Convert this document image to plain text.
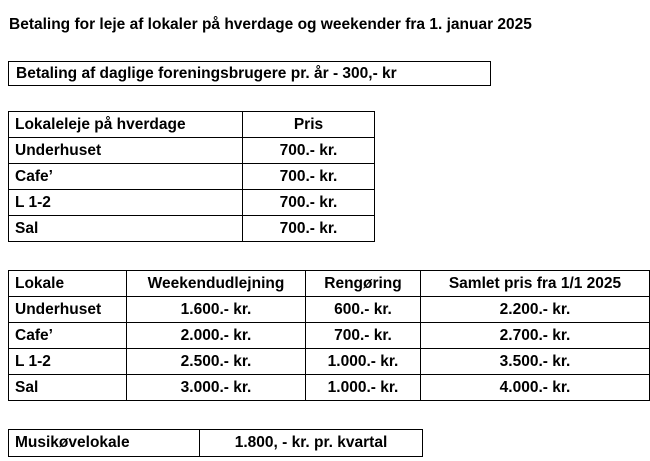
Betaling for leje af lokaler på hverdage og weekender fra 1. januar 2025
Betaling af daglige foreningsbrugere pr. år - 300,- kr
Lokaleleje på hverdage	Pris
Underhuset	700.- kr.
Cafe’	700.- kr.
L 1-2	700.- kr.
Sal	700.- kr.
Lokale	Weekendudlejning	Rengøring	Samlet pris fra 1/1 2025
Underhuset	1.600.- kr.	600.- kr.	2.200.- kr.
Cafe’	2.000.- kr.	700.- kr.	2.700.- kr.
L 1-2	2.500.- kr.	1.000.- kr.	3.500.- kr.
Sal	3.000.- kr.	1.000.- kr.	4.000.- kr.
Musikøvelokale	1.800, - kr. pr. kvartal
